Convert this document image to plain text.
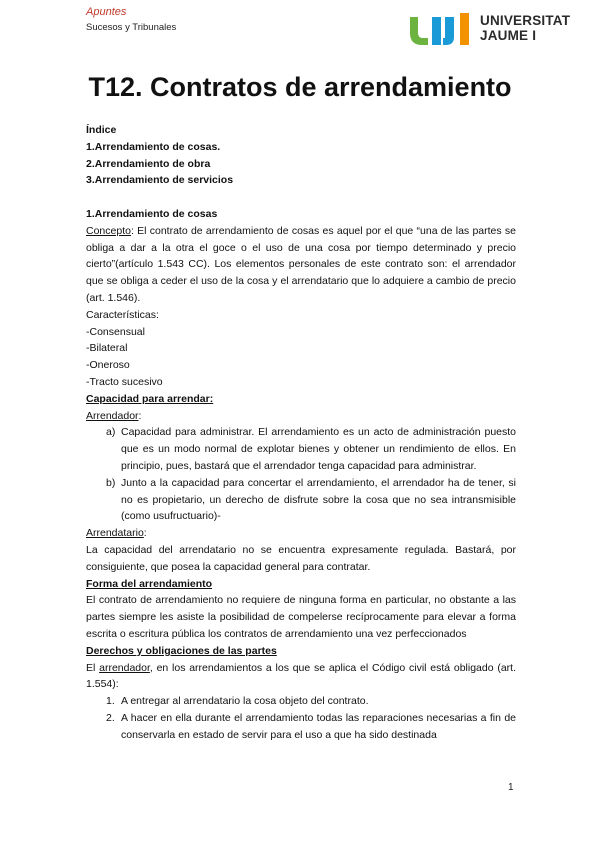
Apuntes
Sucesos y Tribunales	UNIVERSITAT
JAUME I
T12. Contratos de arrendamiento

Índice

1.Arrendamiento de cosas.

2.Arrendamiento de obra

3.Arrendamiento de servicios

1.Arrendamiento de cosas

Concepto: El contrato de arrendamiento de cosas es aquel por el que “una de las partes se obliga a dar a la otra el goce o el uso de una cosa por tiempo determinado y precio cierto”(artículo 1.543 CC). Los elementos personales de este contrato son: el arrendador que se obliga a ceder el uso de la cosa y el arrendatario que lo adquiere a cambio de precio (art. 1.546).

Características:

-Consensual

-Bilateral

-Oneroso

-Tracto sucesivo

Capacidad para arrendar:

Arrendador:

a) Capacidad para administrar. El arrendamiento es un acto de administración puesto que es un modo normal de explotar bienes y obtener un rendimiento de ellos. En principio, pues, bastará que el arrendador tenga capacidad para administrar.
b) Junto a la capacidad para concertar el arrendamiento, el arrendador ha de tener, si no es propietario, un derecho de disfrute sobre la cosa que no sea intransmisible (como usufructuario)-

Arrendatario:

La capacidad del arrendatario no se encuentra expresamente regulada. Bastará, por consiguiente, que posea la capacidad general para contratar.

Forma del arrendamiento

El contrato de arrendamiento no requiere de ninguna forma en particular, no obstante a las partes siempre les asiste la posibilidad de compelerse recíprocamente para elevar a forma escrita o escritura pública los contratos de arrendamiento una vez perfeccionados

Derechos y obligaciones de las partes

El arrendador, en los arrendamientos a los que se aplica el Código civil está obligado (art. 1.554):

1. A entregar al arrendatario la cosa objeto del contrato.
2. A hacer en ella durante el arrendamiento todas las reparaciones necesarias a fin de conservarla en estado de servir para el uso a que ha sido destinada
1
